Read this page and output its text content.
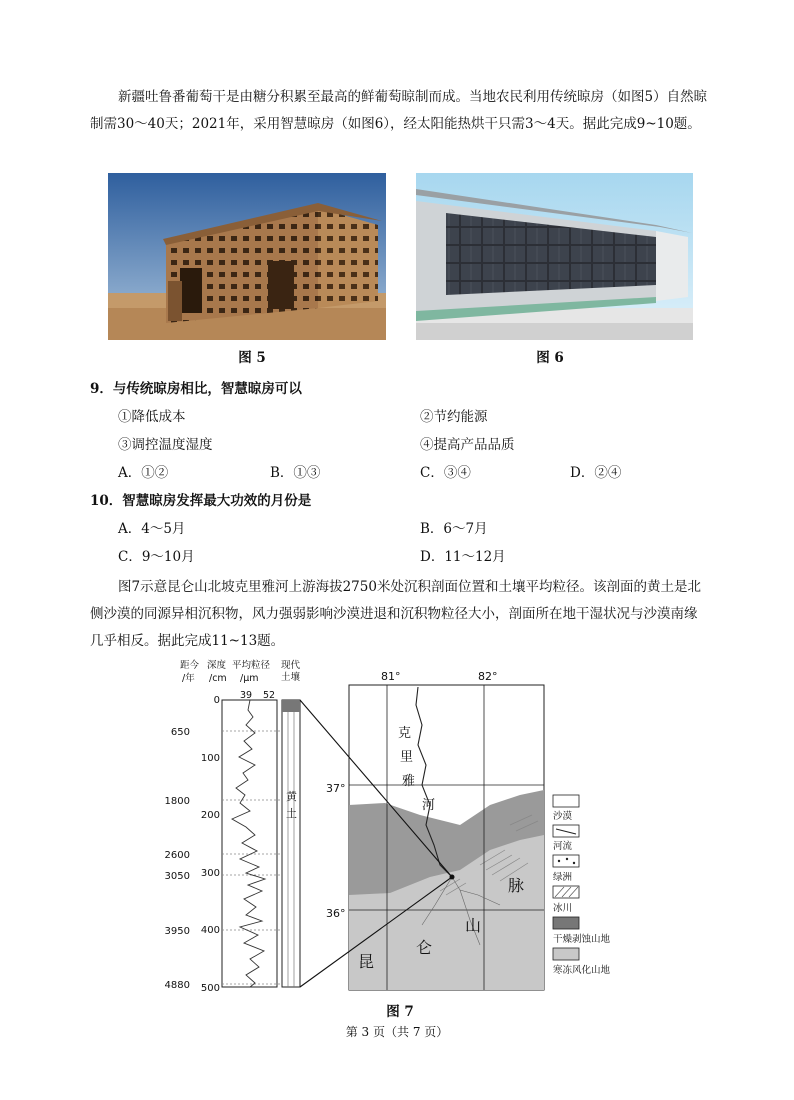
新疆吐鲁番葡萄干是由糖分积累至最高的鲜葡萄晾制而成。当地农民利用传统晾房（如图5）自然晾制需30～40天；2021年，采用智慧晾房（如图6），经太阳能热烘干只需3～4天。据此完成9~10题。
图 5	图 6
9．与传统晾房相比，智慧晾房可以
①降低成本	②节约能源
③调控温度湿度	④提高产品品质
A．①②	B．①③	C．③④	D．②④
10．智慧晾房发挥最大功效的月份是
A．4～5月	B．6～7月
C．9～10月	D．11～12月
图7示意昆仑山北坡克里雅河上游海拔2750米处沉积剖面位置和土壤平均粒径。该剖面的黄土是北侧沙漠的同源异相沉积物，风力强弱影响沙漠进退和沉积物粒径大小，剖面所在地干湿状况与沙漠南缘几乎相反。据此完成11~13题。
距今
/年
深度
/cm
平均粒径
/μm
现代
土壤
39 52
黄
土
650
1800
2600
3050
3950
4880
0
100
200
300
400
500
81°	82°
37°
36°
克
里
雅
河
昆
仑
山
脉
沙漠
河流
绿洲
冰川
干燥剥蚀山地
寒冻风化山地
图 7
第 3 页（共 7 页）
